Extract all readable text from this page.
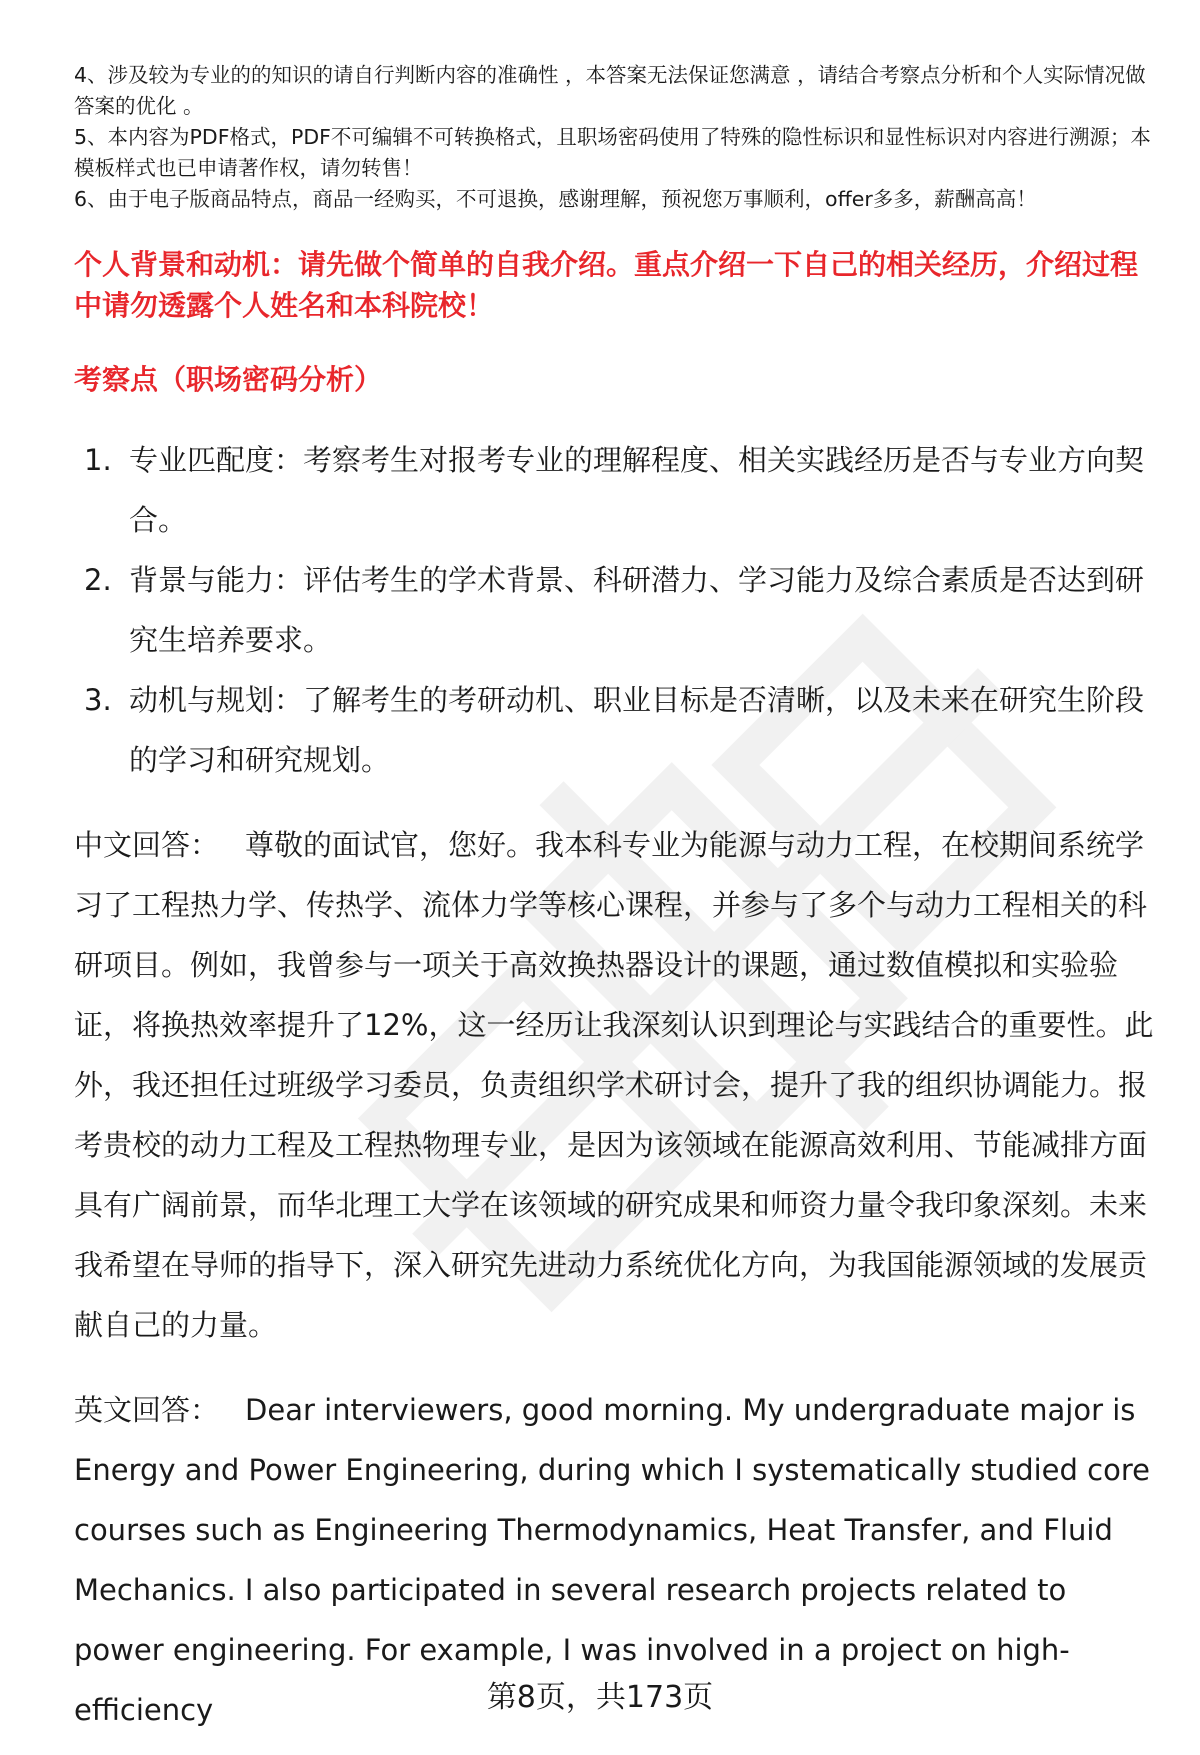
4、涉及较为专业的的知识的请自行判断内容的准确性 ，本答案无法保证您满意 ，请结合考察点分析和个人实际情况做答案的优化 。

5、本内容为PDF格式，PDF不可编辑不可转换格式，且职场密码使用了特殊的隐性标识和显性标识对内容进行溯源；本模板样式也已申请著作权，请勿转售！

6、由于电子版商品特点，商品一经购买，不可退换，感谢理解，预祝您万事顺利，offer多多，薪酬高高！

个人背景和动机：请先做个简单的自我介绍。重点介绍一下自己的相关经历，介绍过程中请勿透露个人姓名和本科院校！
考察点（职场密码分析）
1. 专业匹配度：考察考生对报考专业的理解程度、相关实践经历是否与专业方向契合。
2. 背景与能力：评估考生的学术背景、科研潜力、学习能力及综合素质是否达到研究生培养要求。
3. 动机与规划：了解考生的考研动机、职业目标是否清晰，以及未来在研究生阶段的学习和研究规划。

中文回答： 尊敬的面试官，您好。我本科专业为能源与动力工程，在校期间系统学习了工程热力学、传热学、流体力学等核心课程，并参与了多个与动力工程相关的科研项目。例如，我曾参与一项关于高效换热器设计的课题，通过数值模拟和实验验证，将换热效率提升了12%，这一经历让我深刻认识到理论与实践结合的重要性。此外，我还担任过班级学习委员，负责组织学术研讨会，提升了我的组织协调能力。报考贵校的动力工程及工程热物理专业，是因为该领域在能源高效利用、节能减排方面具有广阔前景，而华北理工大学在该领域的研究成果和师资力量令我印象深刻。未来我希望在导师的指导下，深入研究先进动力系统优化方向，为我国能源领域的发展贡献自己的力量。

英文回答： Dear interviewers, good morning. My undergraduate major is Energy and Power Engineering, during which I systematically studied core courses such as Engineering Thermodynamics, Heat Transfer, and Fluid Mechanics. I also participated in several research projects related to power engineering. For example, I was involved in a project on high-efficiency	第8页，共173页
